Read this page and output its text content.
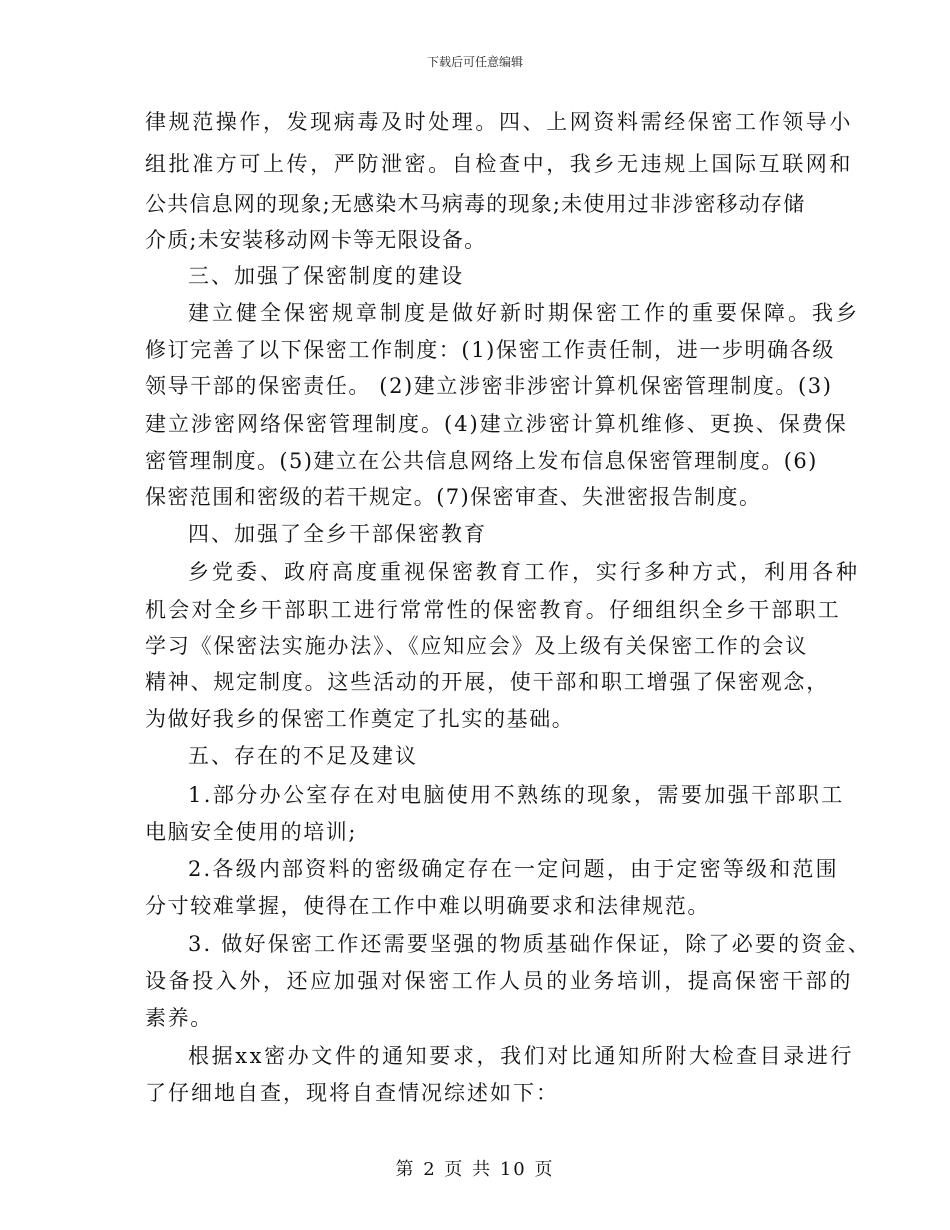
下载后可任意编辑
律规范操作，发现病毒及时处理。四、上网资料需经保密工作领导小
组批准方可上传，严防泄密。自检查中，我乡无违规上国际互联网和
公共信息网的现象;无感染木马病毒的现象;未使用过非涉密移动存储
介质;未安装移动网卡等无限设备。
三、加强了保密制度的建设
建立健全保密规章制度是做好新时期保密工作的重要保障。我乡
修订完善了以下保密工作制度：(1)保密工作责任制，进一步明确各级
领导干部的保密责任。 (2)建立涉密非涉密计算机保密管理制度。(3)
建立涉密网络保密管理制度。(4)建立涉密计算机维修、更换、保费保
密管理制度。(5)建立在公共信息网络上发布信息保密管理制度。(6)
保密范围和密级的若干规定。(7)保密审查、失泄密报告制度。
四、加强了全乡干部保密教育
乡党委、政府高度重视保密教育工作，实行多种方式，利用各种
机会对全乡干部职工进行常常性的保密教育。仔细组织全乡干部职工
学习《保密法实施办法》、《应知应会》及上级有关保密工作的会议
精神、规定制度。这些活动的开展，使干部和职工增强了保密观念，
为做好我乡的保密工作奠定了扎实的基础。
五、存在的不足及建议
1.部分办公室存在对电脑使用不熟练的现象，需要加强干部职工
电脑安全使用的培训;
2.各级内部资料的密级确定存在一定问题，由于定密等级和范围
分寸较难掌握，使得在工作中难以明确要求和法律规范。
3. 做好保密工作还需要坚强的物质基础作保证，除了必要的资金、
设备投入外，还应加强对保密工作人员的业务培训，提高保密干部的
素养。
根据xx密办文件的通知要求，我们对比通知所附大检查目录进行
了仔细地自查，现将自查情况综述如下：
第 2 页 共 10 页
